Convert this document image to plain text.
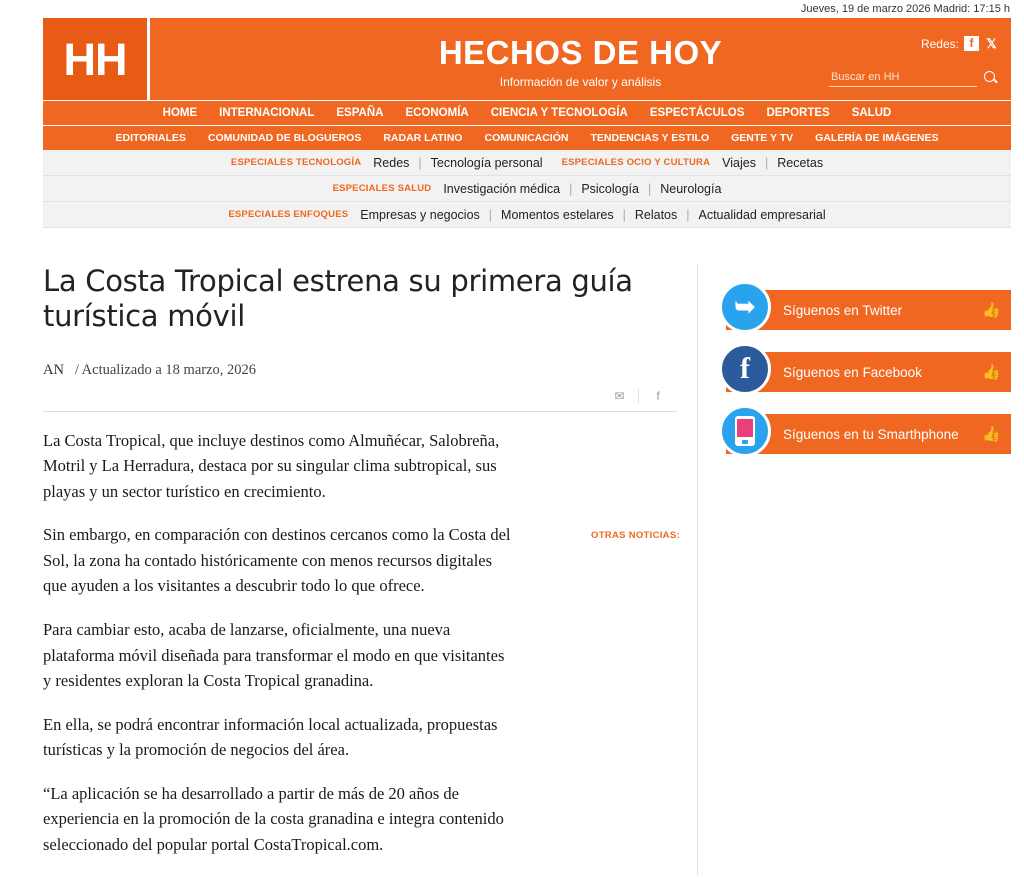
Jueves, 19 de marzo 2026 Madrid: 17:15 h
HH	HECHOS DE HOY
Información de valor y análisis
Redes: f 𝕏
Buscar en HH
HOME INTERNACIONAL ESPAÑA ECONOMÍA CIENCIA Y TECNOLOGÍA ESPECTÁCULOS DEPORTES SALUD
EDITORIALES COMUNIDAD DE BLOGUEROS RADAR LATINO COMUNICACIÓN TENDENCIAS Y ESTILO GENTE Y TV GALERÍA DE IMÁGENES
ESPECIALES TECNOLOGÍA Redes | Tecnología personal ESPECIALES OCIO Y CULTURA Viajes | Recetas
ESPECIALES SALUD Investigación médica | Psicología | Neurología
ESPECIALES ENFOQUES Empresas y negocios | Momentos estelares | Relatos | Actualidad empresarial
La Costa Tropical estrena su primera guía turística móvil
AN / Actualizado a 18 marzo, 2026
✉	f

La Costa Tropical, que incluye destinos como Almuñécar, Salobreña, Motril y La Herradura, destaca por su singular clima subtropical, sus playas y un sector turístico en crecimiento.

Sin embargo, en comparación con destinos cercanos como la Costa del Sol, la zona ha contado históricamente con menos recursos digitales que ayuden a los visitantes a descubrir todo lo que ofrece.

Para cambiar esto, acaba de lanzarse, oficialmente, una nueva plataforma móvil diseñada para transformar el modo en que visitantes y residentes exploran la Costa Tropical granadina.

En ella, se podrá encontrar información local actualizada, propuestas turísticas y la promoción de negocios del área.

“La aplicación se ha desarrollado a partir de más de 20 años de experiencia en la promoción de la costa granadina e integra contenido seleccionado del popular portal CostaTropical.com.

➥ Síguenos en Twitter	👍
f Síguenos en Facebook	👍
Síguenos en tu Smarthphone	👍
OTRAS NOTICIAS:
